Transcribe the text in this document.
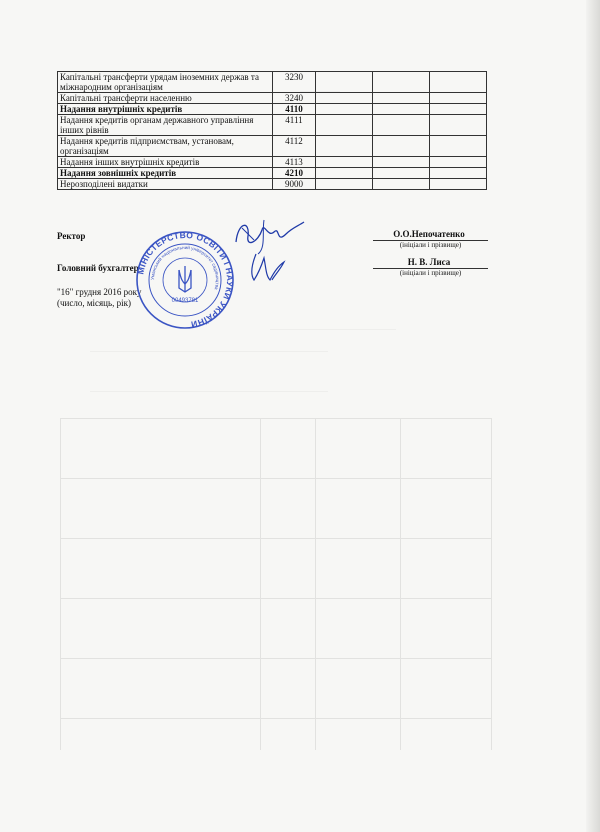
....................
...............................................................
.......................................................................................................................
.......................................................................................................................
Капітальні трансферти урядам іноземних держав та міжнародним організаціям	3230			
Капітальні трансферти населенню	3240			
Надання внутрішніх кредитів	4110			
Надання кредитів органам державного управління інших рівнів	4111			
Надання кредитів підприємствам, установам, організаціям	4112			
Надання інших внутрішніх кредитів	4113			
Надання зовнішніх кредитів	4210			
Нерозподілені видатки	9000			
Ректор	О.О.Непочатенко
(ініціали і прізвище)
Головний бухгалтер
Н. В. Лиса
(ініціали і прізвище)
"16" грудня 2016 року
(число, місяць, рік)
МІНІСТЕРСТВО ОСВІТИ І НАУКИ УКРАЇНИ
Уманський національний університет садівництва
00493781
